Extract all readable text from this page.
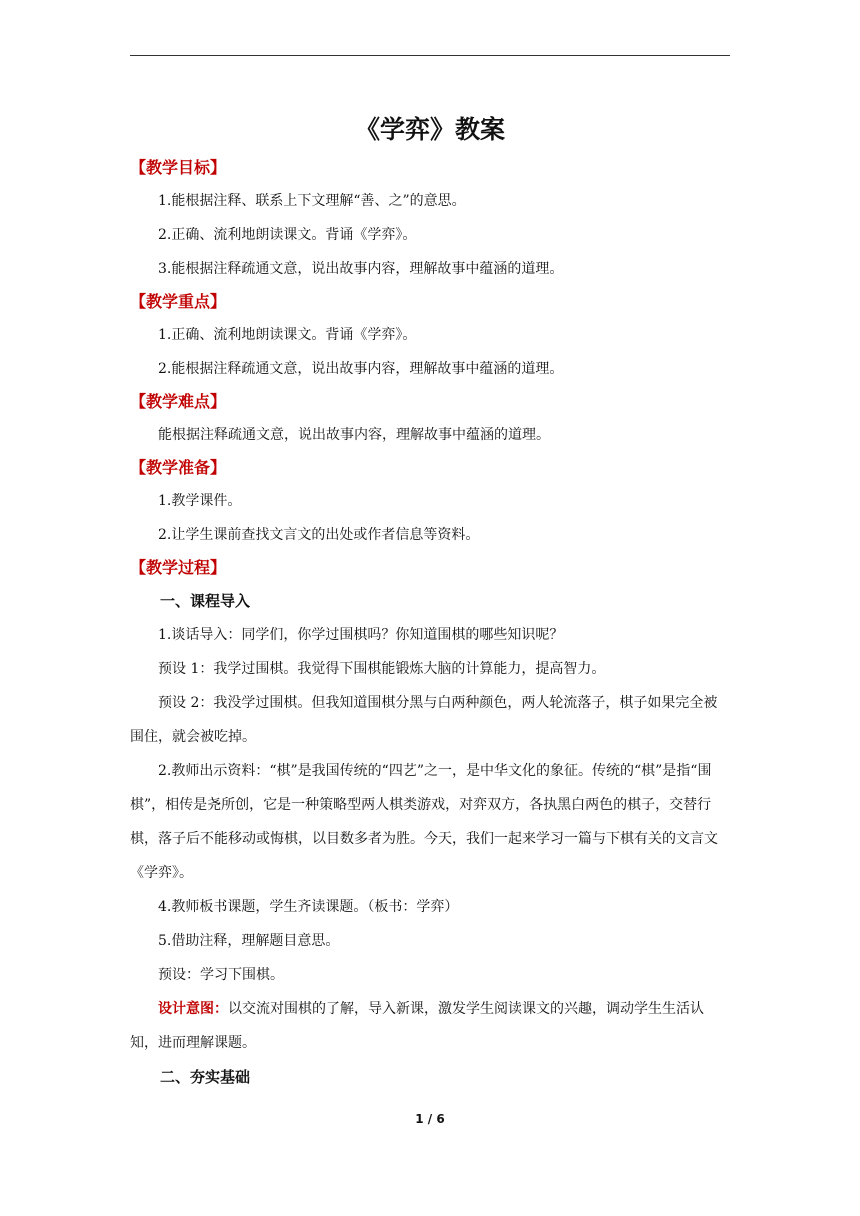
《学弈》教案
【教学目标】

1.能根据注释、联系上下文理解“善、之”的意思。

2.正确、流利地朗读课文。背诵《学弈》。

3.能根据注释疏通文意，说出故事内容，理解故事中蕴涵的道理。

【教学重点】

1.正确、流利地朗读课文。背诵《学弈》。

2.能根据注释疏通文意，说出故事内容，理解故事中蕴涵的道理。

【教学难点】

能根据注释疏通文意，说出故事内容，理解故事中蕴涵的道理。

【教学准备】

1.教学课件。

2.让学生课前查找文言文的出处或作者信息等资料。

【教学过程】

一、课程导入

1.谈话导入：同学们，你学过围棋吗？你知道围棋的哪些知识呢？

预设 1：我学过围棋。我觉得下围棋能锻炼大脑的计算能力，提高智力。

预设 2：我没学过围棋。但我知道围棋分黑与白两种颜色，两人轮流落子，棋子如果完全被围住，就会被吃掉。

2.教师出示资料：“棋”是我国传统的“四艺”之一，是中华文化的象征。传统的“棋”是指“围棋”，相传是尧所创，它是一种策略型两人棋类游戏，对弈双方，各执黑白两色的棋子，交替行棋，落子后不能移动或悔棋，以目数多者为胜。今天，我们一起来学习一篇与下棋有关的文言文《学弈》。

4.教师板书课题，学生齐读课题。（板书：学弈）

5.借助注释，理解题目意思。

预设：学习下围棋。

设计意图：以交流对围棋的了解，导入新课，激发学生阅读课文的兴趣，调动学生生活认知，进而理解课题。

二、夯实基础

1 / 6
